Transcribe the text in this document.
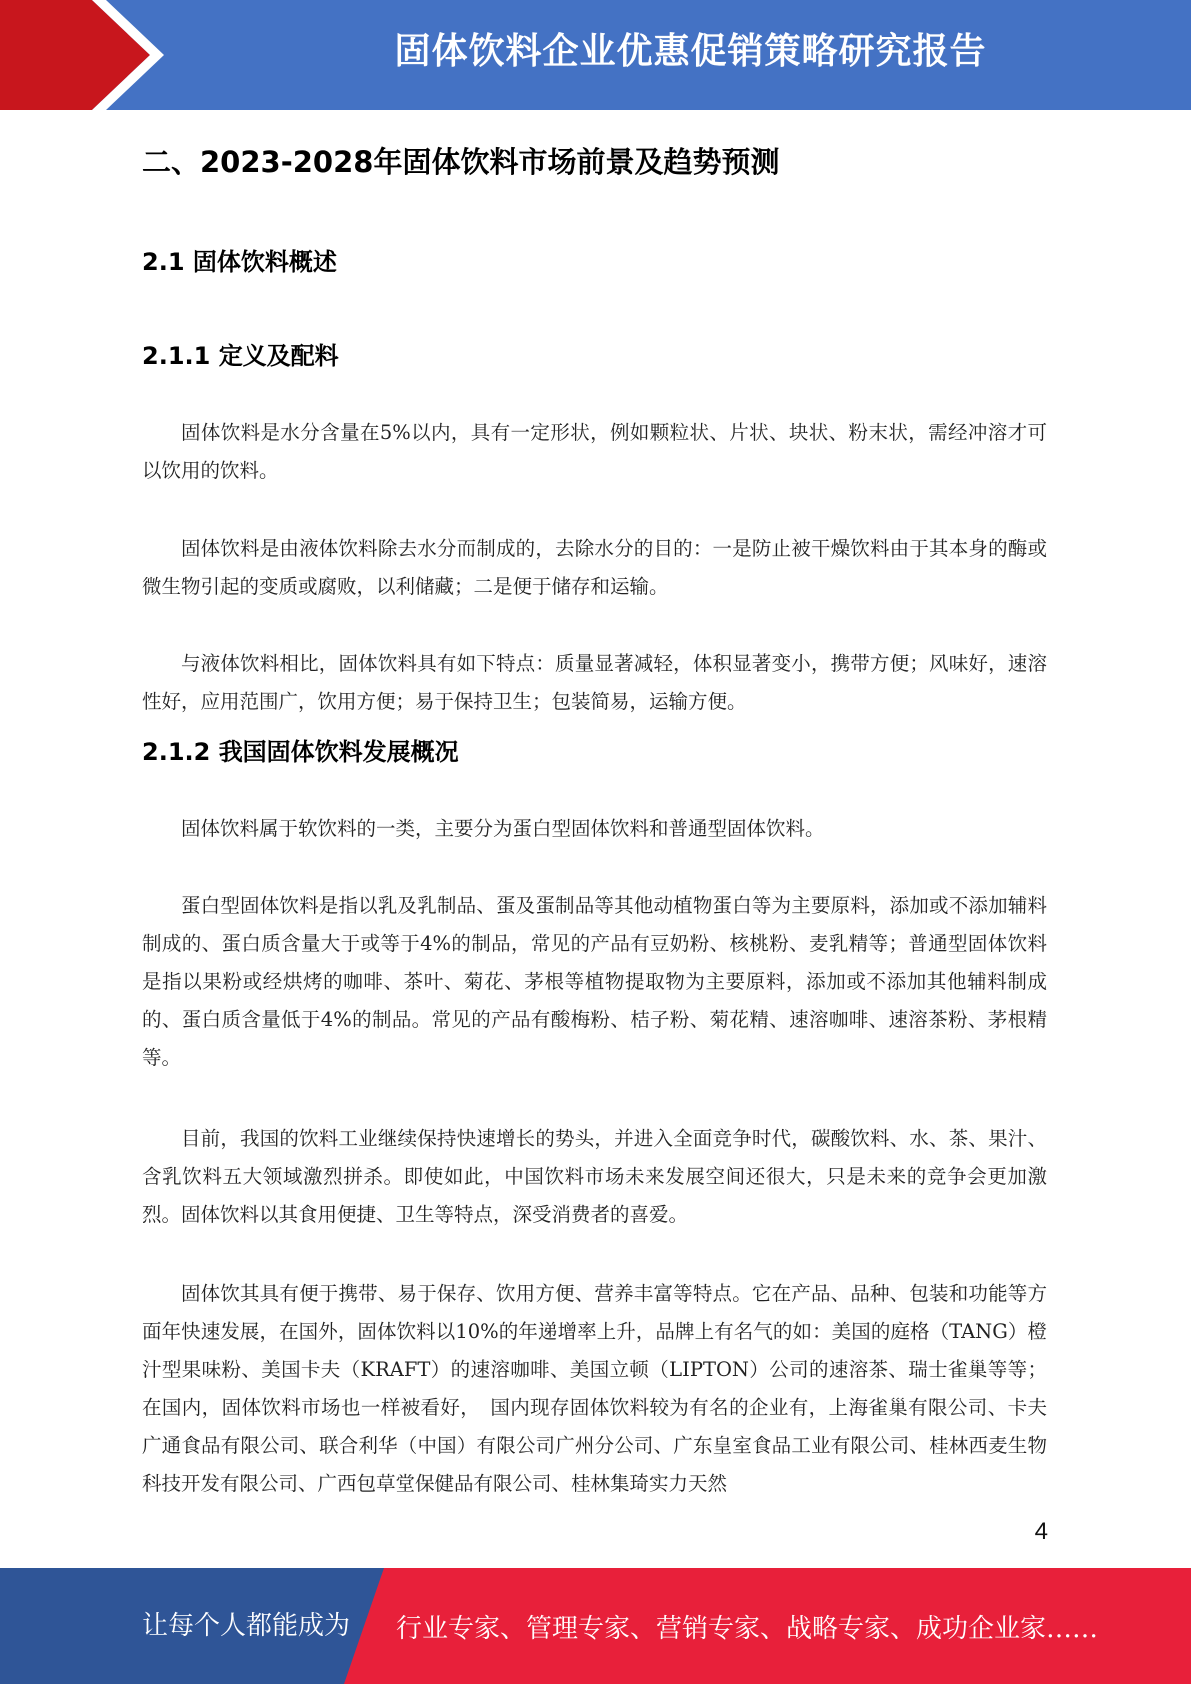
固体饮料企业优惠促销策略研究报告
二、2023-2028年固体饮料市场前景及趋势预测
2.1 固体饮料概述
2.1.1 定义及配料

固体饮料是水分含量在5%以内，具有一定形状，例如颗粒状、片状、块状、粉末状，需经冲溶才可以饮用的饮料。

固体饮料是由液体饮料除去水分而制成的，去除水分的目的：一是防止被干燥饮料由于其本身的酶或微生物引起的变质或腐败，以利储藏；二是便于储存和运输。

与液体饮料相比，固体饮料具有如下特点：质量显著减轻，体积显著变小，携带方便；风味好，速溶性好，应用范围广，饮用方便；易于保持卫生；包装简易，运输方便。

2.1.2 我国固体饮料发展概况

固体饮料属于软饮料的一类，主要分为蛋白型固体饮料和普通型固体饮料。

蛋白型固体饮料是指以乳及乳制品、蛋及蛋制品等其他动植物蛋白等为主要原料，添加或不添加辅料制成的、蛋白质含量大于或等于4%的制品，常见的产品有豆奶粉、核桃粉、麦乳精等；普通型固体饮料是指以果粉或经烘烤的咖啡、茶叶、菊花、茅根等植物提取物为主要原料，添加或不添加其他辅料制成的、蛋白质含量低于4%的制品。常见的产品有酸梅粉、桔子粉、菊花精、速溶咖啡、速溶茶粉、茅根精等。

目前，我国的饮料工业继续保持快速增长的势头，并进入全面竞争时代，碳酸饮料、水、茶、果汁、含乳饮料五大领域激烈拼杀。即使如此，中国饮料市场未来发展空间还很大，只是未来的竞争会更加激烈。固体饮料以其食用便捷、卫生等特点，深受消费者的喜爱。

固体饮其具有便于携带、易于保存、饮用方便、营养丰富等特点。它在产品、品种、包装和功能等方面年快速发展，在国外，固体饮料以10%的年递增率上升，品牌上有名气的如：美国的庭格（TANG）橙汁型果味粉、美国卡夫（KRAFT）的速溶咖啡、美国立顿（LIPTON）公司的速溶茶、瑞士雀巢等等；在国内，固体饮料市场也一样被看好，　国内现存固体饮料较为有名的企业有，上海雀巢有限公司、卡夫广通食品有限公司、联合利华（中国）有限公司广州分公司、广东皇室食品工业有限公司、桂林西麦生物科技开发有限公司、广西包草堂保健品有限公司、桂林集琦实力天然

4
让每个人都能成为 行业专家、管理专家、营销专家、战略专家、成功企业家……
